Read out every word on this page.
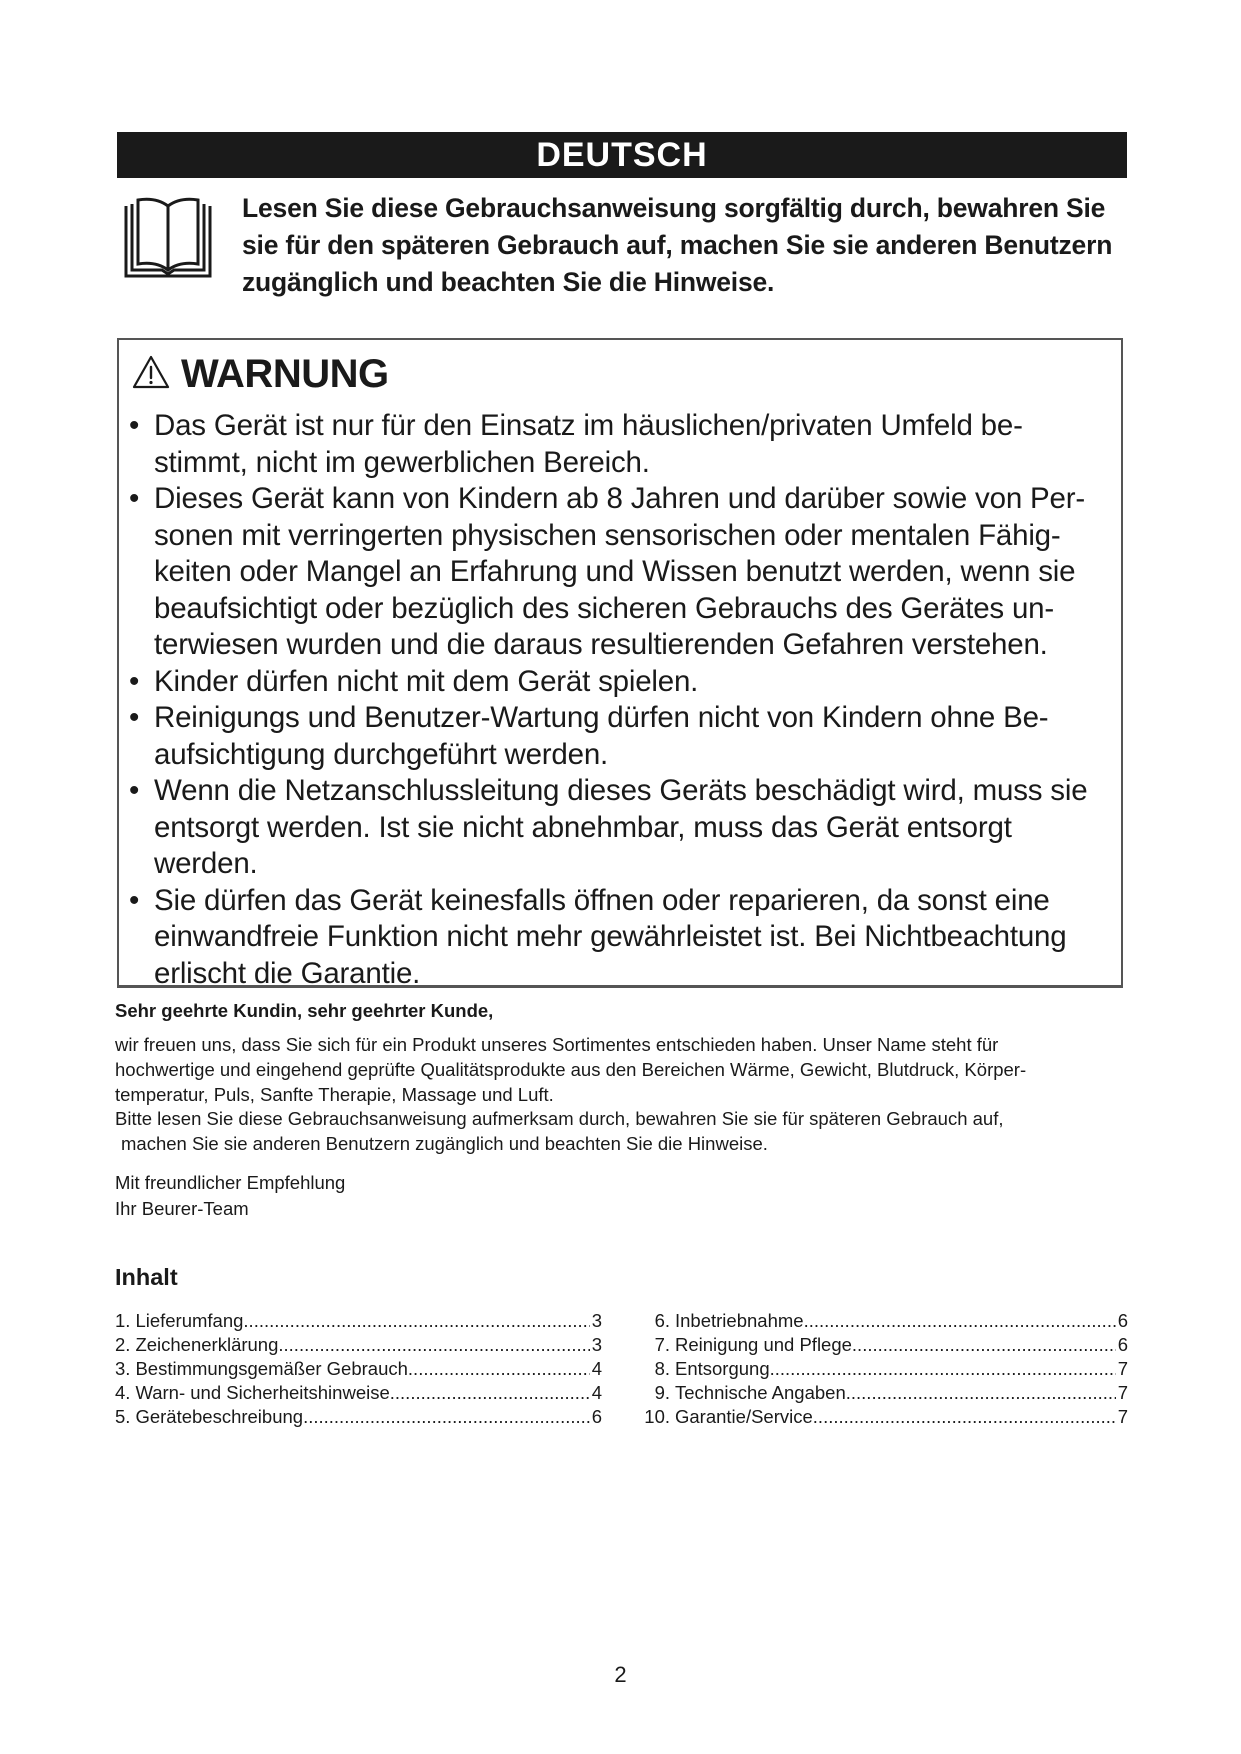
DEUTSCH
Lesen Sie diese Gebrauchsanweisung sorgfältig durch, bewahren Sie
sie für den späteren Gebrauch auf, machen Sie sie anderen Benutzern
zugänglich und beachten Sie die Hinweise.
WARNUNG
• Das Gerät ist nur für den Einsatz im häuslichen/privaten Umfeld be-stimmt, nicht im gewerblichen Bereich.
• Dieses Gerät kann von Kindern ab 8 Jahren und darüber sowie von Per-sonen mit verringerten physischen sensorischen oder mentalen Fähig-keiten oder Mangel an Erfahrung und Wissen benutzt werden, wenn sie beaufsichtigt oder bezüglich des sicheren Gebrauchs des Gerätes un-terwiesen wurden und die daraus resultierenden Gefahren verstehen.
• Kinder dürfen nicht mit dem Gerät spielen.
• Reinigungs und Benutzer-Wartung dürfen nicht von Kindern ohne Be-aufsichtigung durchgeführt werden.
• Wenn die Netzanschlussleitung dieses Geräts beschädigt wird, muss sie entsorgt werden. Ist sie nicht abnehmbar, muss das Gerät entsorgt werden.
• Sie dürfen das Gerät keinesfalls öffnen oder reparieren, da sonst eine einwandfreie Funktion nicht mehr gewährleistet ist. Bei Nichtbeachtung erlischt die Garantie.
Sehr geehrte Kundin, sehr geehrter Kunde,

wir freuen uns, dass Sie sich für ein Produkt unseres Sortimentes entschieden haben. Unser Name steht für

hochwertige und eingehend geprüfte Qualitätsprodukte aus den Bereichen Wärme, Gewicht, Blutdruck, Körper-

temperatur, Puls, Sanfte Therapie, Massage und Luft.

Bitte lesen Sie diese Gebrauchsanweisung aufmerksam durch, bewahren Sie sie für späteren Gebrauch auf,

machen Sie sie anderen Benutzern zugänglich und beachten Sie die Hinweise.

Mit freundlicher Empfehlung

Ihr Beurer-Team

Inhalt
1. Lieferumfang .....	3
2. Zeichenerklärung .....	3
3. Bestimmungsgemäßer Gebrauch .....	4
4. Warn- und Sicherheitshinweise .....	4
5. Gerätebeschreibung .....	6
6. Inbetriebnahme .....	6
7. Reinigung und Pflege .....	6
8. Entsorgung .....	7
9. Technische Angaben .....	7
10. Garantie/Service .....	7
2
